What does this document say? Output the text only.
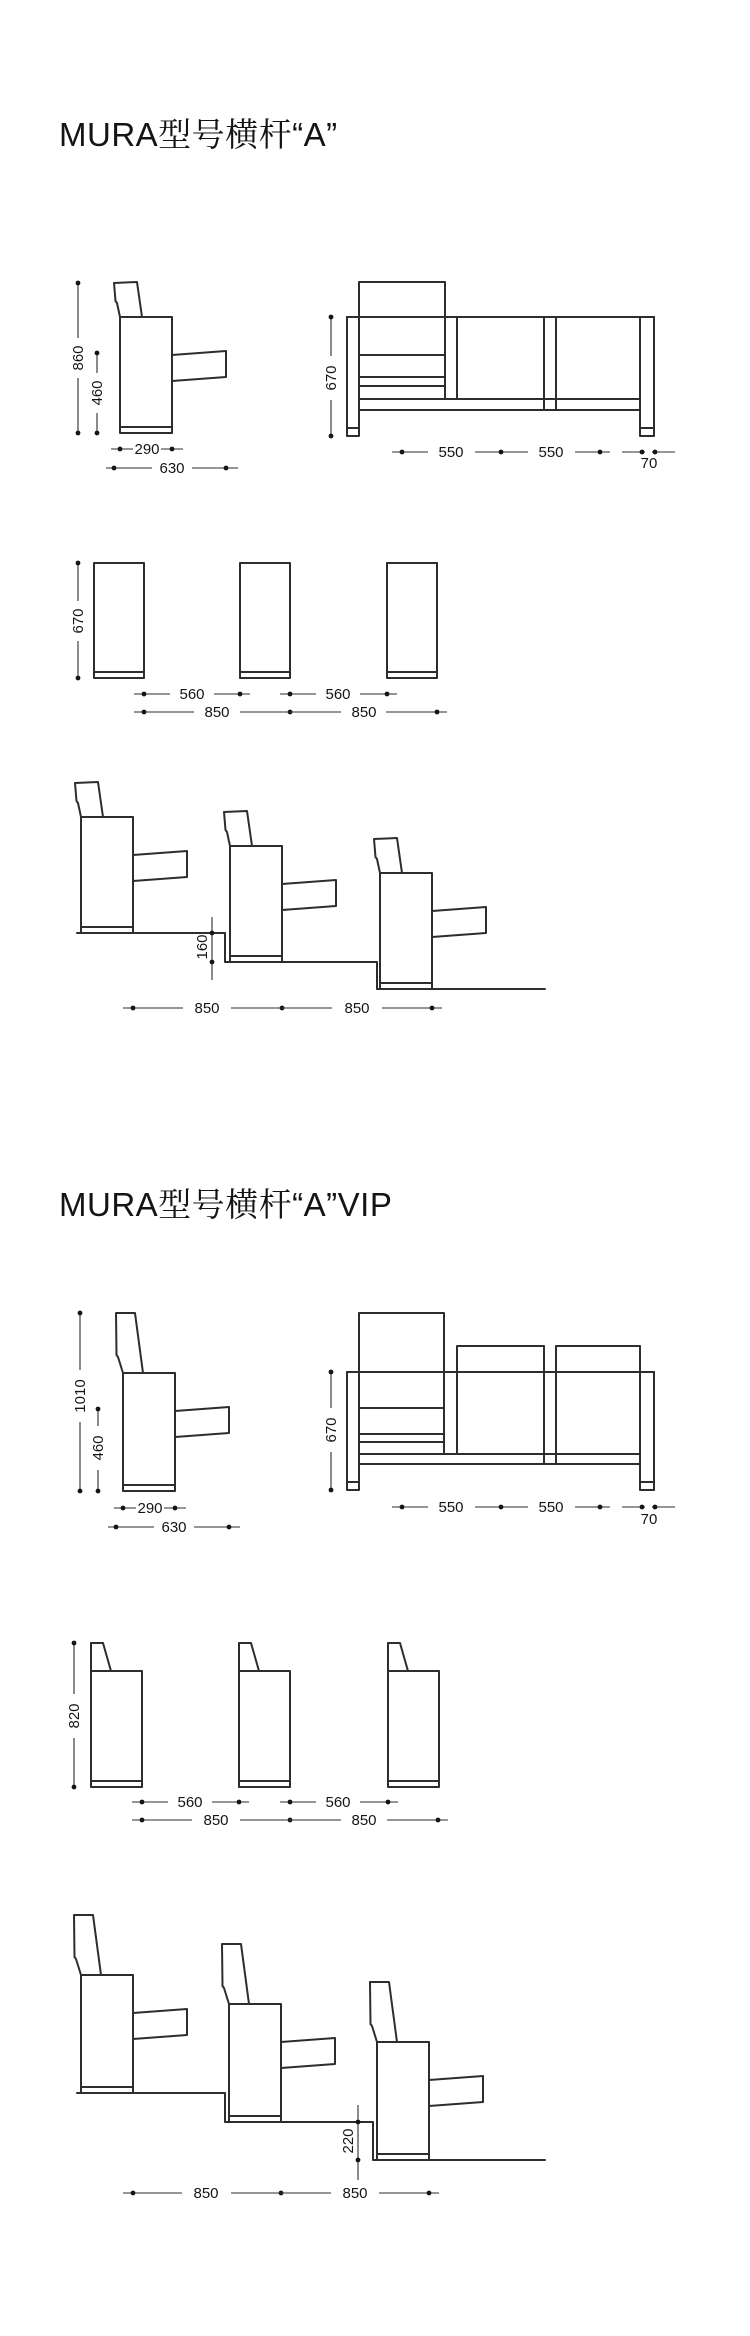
MURA型号横杆“A”
MURA型号横杆“A”VIP
860
460
290
630
670
550	550
70
670
560	560
850	850
160
850	850
1010
460
290
630
670
550	550
70
820
560	560
850	850
220
850	850
